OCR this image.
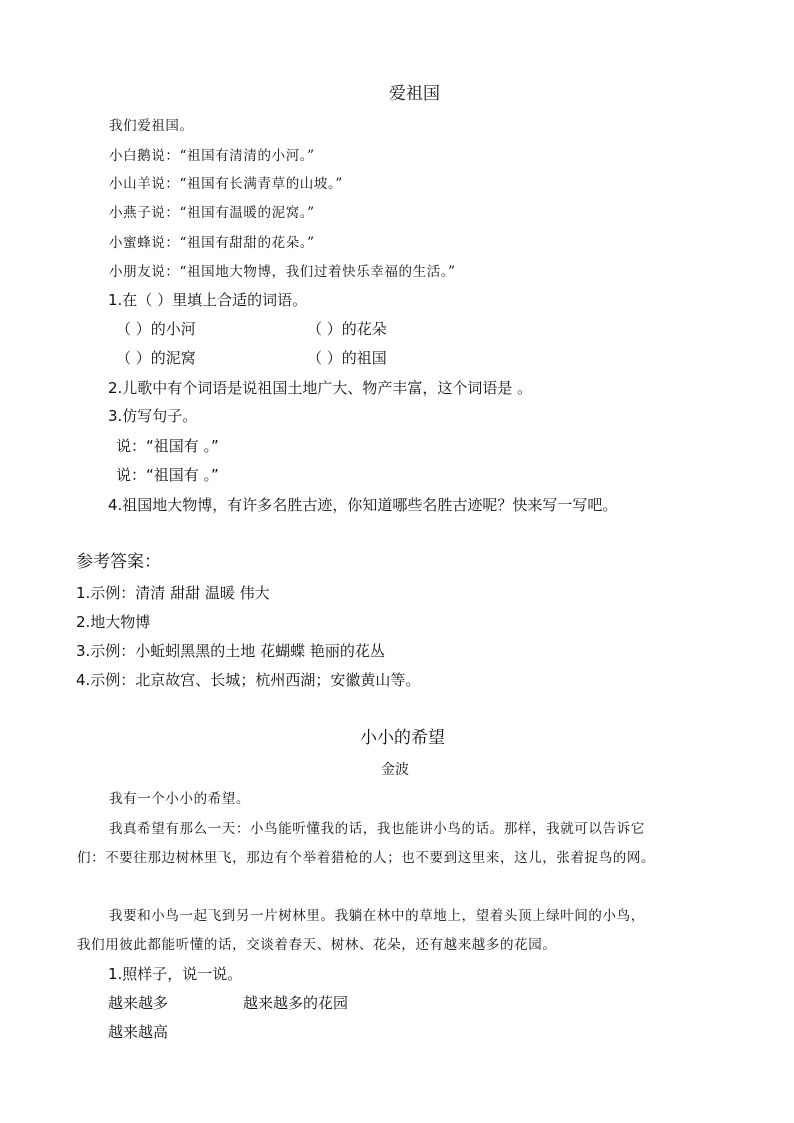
爱祖国
我们爱祖国。
小白鹅说：“祖国有清清的小河。”
小山羊说：“祖国有长满青草的山坡。”
小燕子说：“祖国有温暖的泥窝。”
小蜜蜂说：“祖国有甜甜的花朵。”
小朋友说：“祖国地大物博，我们过着快乐幸福的生活。”
1.在（ ）里填上合适的词语。
（ ）的小河	（ ）的花朵
（ ）的泥窝	（ ）的祖国
2.儿歌中有个词语是说祖国土地广大、物产丰富，这个词语是 。
3.仿写句子。
说：“祖国有 。”
说：“祖国有 。”
4.祖国地大物博，有许多名胜古迹，你知道哪些名胜古迹呢？快来写一写吧。
参考答案：
1.示例：清清 甜甜 温暖 伟大
2.地大物博
3.示例：小蚯蚓黑黑的土地 花蝴蝶 艳丽的花丛
4.示例：北京故宫、长城；杭州西湖；安徽黄山等。
小小的希望
金波
我有一个小小的希望。
我真希望有那么一天：小鸟能听懂我的话，我也能讲小鸟的话。那样，我就可以告诉它
们：不要往那边树林里飞，那边有个举着猎枪的人；也不要到这里来，这儿，张着捉鸟的网。
我要和小鸟一起飞到另一片树林里。我躺在林中的草地上，望着头顶上绿叶间的小鸟，
我们用彼此都能听懂的话，交谈着春天、树林、花朵，还有越来越多的花园。
1.照样子，说一说。
越来越多	越来越多的花园
越来越高
